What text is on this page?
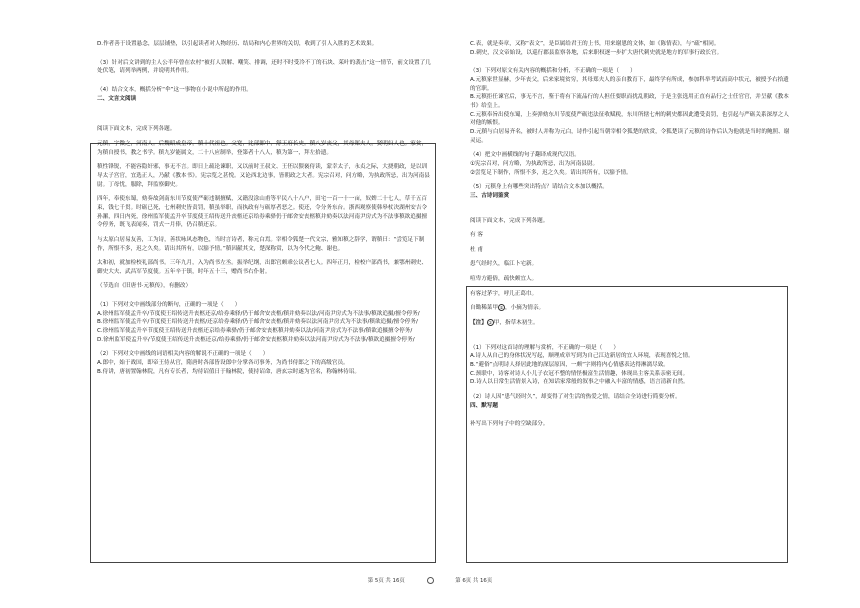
D.作者善于设置悬念，层层铺垫，以引起读者对人物经历、结局和内心世界的关切，收到了引人入胜的艺术效果。

（3）针对后文讲到的主人公半年曾在农村“被打人误解、嘲笑、排调，还时不时受冷不丁的石块、茱叶的袭击”这一情节，前文设置了几处伏笔，请列举两例，并说明其作用。

（4）结合文本，概括分析“伞”这一事物在小说中所起的作用。

二、文言文阅读

阅读下面文本，完成下列各题。

元稹，字微之，河南人。后魏昭成皇帝，稹十代祖也。父宽，比部郎中，舒王府长史。稹八岁丧父，其母郑夫人，贤明妇人也。家贫，为稹自授书，教之书学。稹九岁能属文，二十八应制举，登第者十八人，稹为第一，拜左拾遗。

稹性锋锐，不能容隐奸邪，事无不言。即日上疏论谏职，又以前时王叔文、王伾以猥亵侍读，蒙幸太子，永贞之际，大挠朝政，是以训导太子宫官，宜选正人，乃献《教本书》。宪宗览之甚悦。又论西北边事，皆朝政之大者。宪宗召对，问方略，为执政所忌，出为河南县尉。丁母忧，服除，拜监察御史。

四年，奉使东蜀，劾奏故剑南东川节度使严砺违制擅赋，又籍没涂山甫等平民八十八户，田宅一百一十一亩，奴婢二十七人，草千五百束，钱七千贯。时砺已死，七州刺史皆责罚，稹虽举职，而执政有与砺厚者恶之。使还，令分务东台。浙西观察使韩皋杖决湖州安吉令孙澥，四日内死，徐州监军使孟升卒节度使王绍传送升丧柩还京给券乘驿仍于邮舍安丧柩稹并劾奏以法河南尹房式为不法事稹欲追摄擅令停务，既飞表闻奏，罚式一月俸，仍召稹还京。

与太原白居易友善，工为诗，善状咏风态物色，当时言诗者，称元白焉。宰相令狐楚一代文宗，雅知稹之辞学，谓稹曰：“尝览足下制作，所恨不多，迟之久矣。请出其所有，以豁予情。”稹因献其文，楚深称赏，以为今代之鲍、谢也。

太和初，就加检校礼部尚书。三年九月，入为尚书左丞。振举纪纲，出郎官颇乖公议者七人。四年正月，检校户部尚书，兼鄂州刺史、御史大夫、武昌军节度使。五年辛于镇，时年五十三，赠尚书右仆射。

（节选自《旧唐书·元稹传》，有删改）

（1）下列对文中画线部分的断句，正确的一项是（　　）

A.徐州监军使孟升卒/节度使王绍传送升丧柩还京/给券乘驿/仍于邮舍安丧柩/稹并劾奏以法/河南尹房式为不法事/稹欲追摄/擅令停务/

B.徐州监军使孟升卒/节度使王绍传送升丧柩/还京给券乘驿/仍于邮舍安丧柩/稹并劾奏以法河南尹房式为不法事/稹欲追摄/擅令停务/

C.徐州监军使孟升卒节度使王绍传送升丧柩还京给券乘驿/仍于邮舍安丧柩稹并劾奏以法/河南尹房式为不法事/稹欲追摄擅令停务/

D.徐州监军使孟升卒/节度使王绍传送升丧柩还京/给券乘驿/仍于邮舍安丧柩稹并劾奏以法河南尹房式为不法事/稹欲追摄擅令停务/

（2）下列对文中画线的词语相关内容的解说不正确的一项是（　　）

A.郎中，始于战国，即帝王侍从官，隋唐时各部皆设郎中分掌各司事务，为尚书侍郎之下的高级官员。

B.侍讲，唐初置翰林院，凡有专长者，均待诏值日于翰林院，使持诏命，唐玄宗时遂为官名，称翰林待诏。

C.表，就是奏章，又称“表文”，是臣属给君王的上书，用来谢恩的文体，如《陈情表》，与“疏”相同。

D.刺史，汉文帝始设，以巡行郡县监察各地，后来职权逐一步扩大唐代刺史就是地方的军事行政长官。

（3）下列对原文有关内容的概括和分析，不正确的一项是（　　）

A.元稹家世显赫，少年丧父，后来家境贫穷，其母郑夫人的亲自教育下，最终学有所成，参加科举考试而高中状元，被授予右拾遗的官职。

B.元稹拒任谏官后，事无不言，鉴于将有下流品行的人担任要职而扰乱朝政，于是主张选用正直有品行之士任官官，并呈献《教本书》给皇上。

C.元稹奉旨出使东蜀，上奏弹劾东川节度使严砺违法征收赋税，东川所辖七州的刺史都因此遭受责罚，也引起与严砺关系深厚之人对他的嫉恨。

D.元稹与白居易齐名，被时人并称为元白，诗作引起当朝宰相令狐楚的欣赏，令狐楚读了元稹的诗作后认为他就是当时的鲍照、谢灵运。

（4）把文中画横线的句子翻译成现代汉语。

①宪宗召对，问方略，为执政所忌，出为河南县尉。

②尝览足下制作，所恨不多，迟之久矣。请出其所有，以豁予情。

（5）元稹身上有哪些突出特点？请结合文本加以概括。

三、古诗词鉴赏

阅读下面文本，完成下列各题。

有 客

杜 甫

患气经时久，临江卜宅新。

喧卑方避俗，疏快颇宜人。

有客过茅宇，呼儿正葛巾。

自锄稀菜甲 ① ，小摘为情亲。

【注】 ① 甲，指草木初生。

（1）下列对这首诗的理解与赏析，不正确的一项是（　　）

A.诗人从自己的身体状况写起，顺理成章写到为自己江边新居的宜人环境，表现喜悦之情。

B.“避俗”点明诗人择居此地的深层原因，一颇“字则将内心情感表达得淋漓尽致。

C.颈联中，诗客对诗人小儿子衣冠不整的情怪极富生活情趣，体现出主客关系亲密无间。

D.诗人以日常生活情景入诗，在知话家常般的叙事之中融入丰富的情感，语言清新自然。

（2）诗人因“患气经时久”，却变得了对生活的热爱之情，请结合全诗进行简要分析。

四、默写题

补写出下列句子中的空缺部分。

第 5页 共 16页	第 6页 共 16页
